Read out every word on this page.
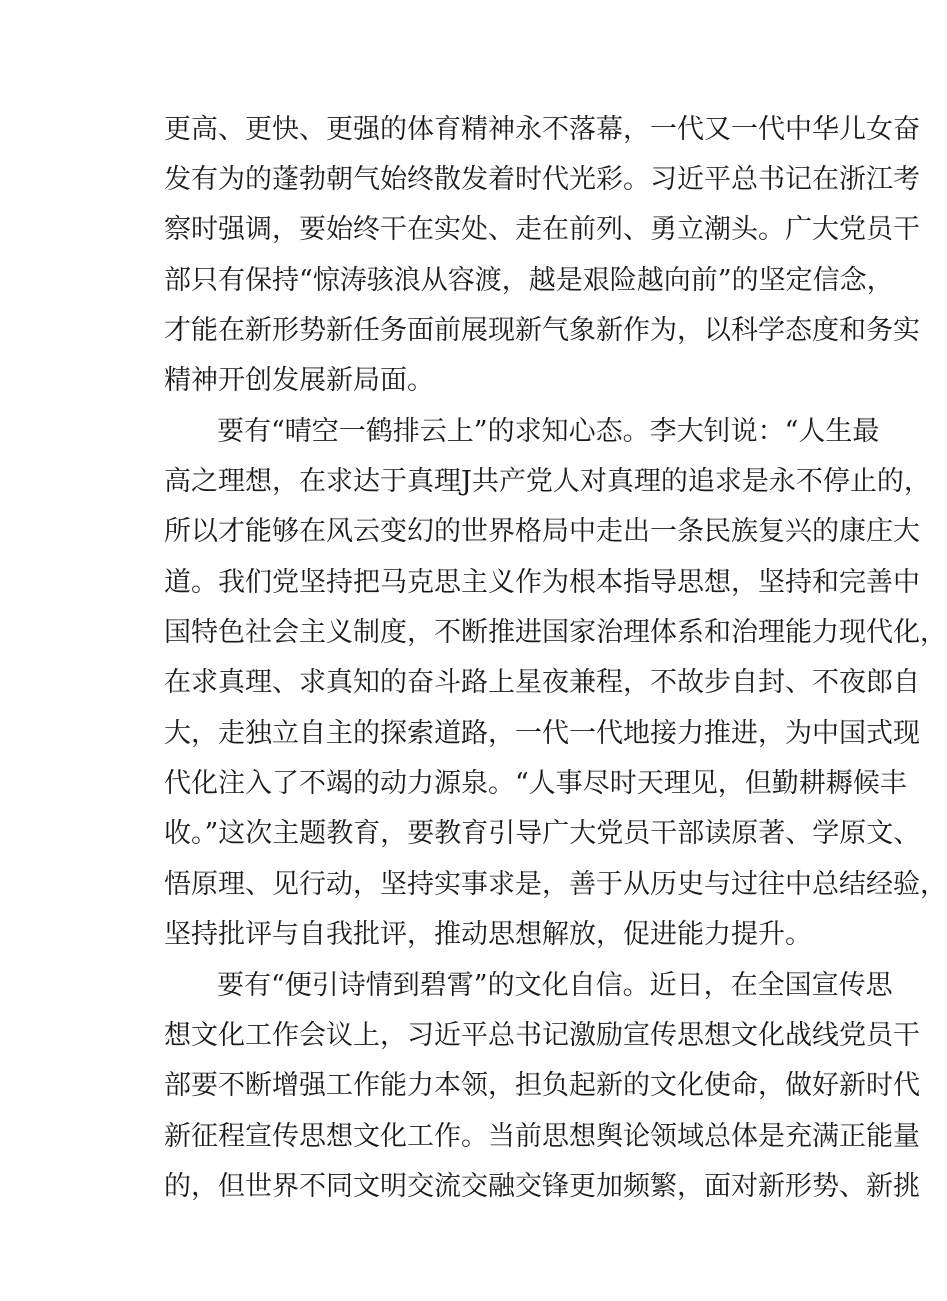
更高、更快、更强的体育精神永不落幕，一代又一代中华儿女奋
发有为的蓬勃朝气始终散发着时代光彩。习近平总书记在浙江考
察时强调，要始终干在实处、走在前列、勇立潮头。广大党员干
部只有保持“惊涛骇浪从容渡，越是艰险越向前”的坚定信念，
才能在新形势新任务面前展现新气象新作为，以科学态度和务实
精神开创发展新局面。
要有“晴空一鹤排云上”的求知心态。李大钊说：“人生最
高之理想，在求达于真理J共产党人对真理的追求是永不停止的，
所以才能够在风云变幻的世界格局中走出一条民族复兴的康庄大
道。我们党坚持把马克思主义作为根本指导思想，坚持和完善中
国特色社会主义制度，不断推进国家治理体系和治理能力现代化，
在求真理、求真知的奋斗路上星夜兼程，不故步自封、不夜郎自
大，走独立自主的探索道路，一代一代地接力推进，为中国式现
代化注入了不竭的动力源泉。“人事尽时天理见，但勤耕耨候丰
收。”这次主题教育，要教育引导广大党员干部读原著、学原文、
悟原理、见行动，坚持实事求是，善于从历史与过往中总结经验，
坚持批评与自我批评，推动思想解放，促进能力提升。
要有“便引诗情到碧霄”的文化自信。近日，在全国宣传思
想文化工作会议上，习近平总书记激励宣传思想文化战线党员干
部要不断增强工作能力本领，担负起新的文化使命，做好新时代
新征程宣传思想文化工作。当前思想舆论领域总体是充满正能量
的，但世界不同文明交流交融交锋更加频繁，面对新形势、新挑
